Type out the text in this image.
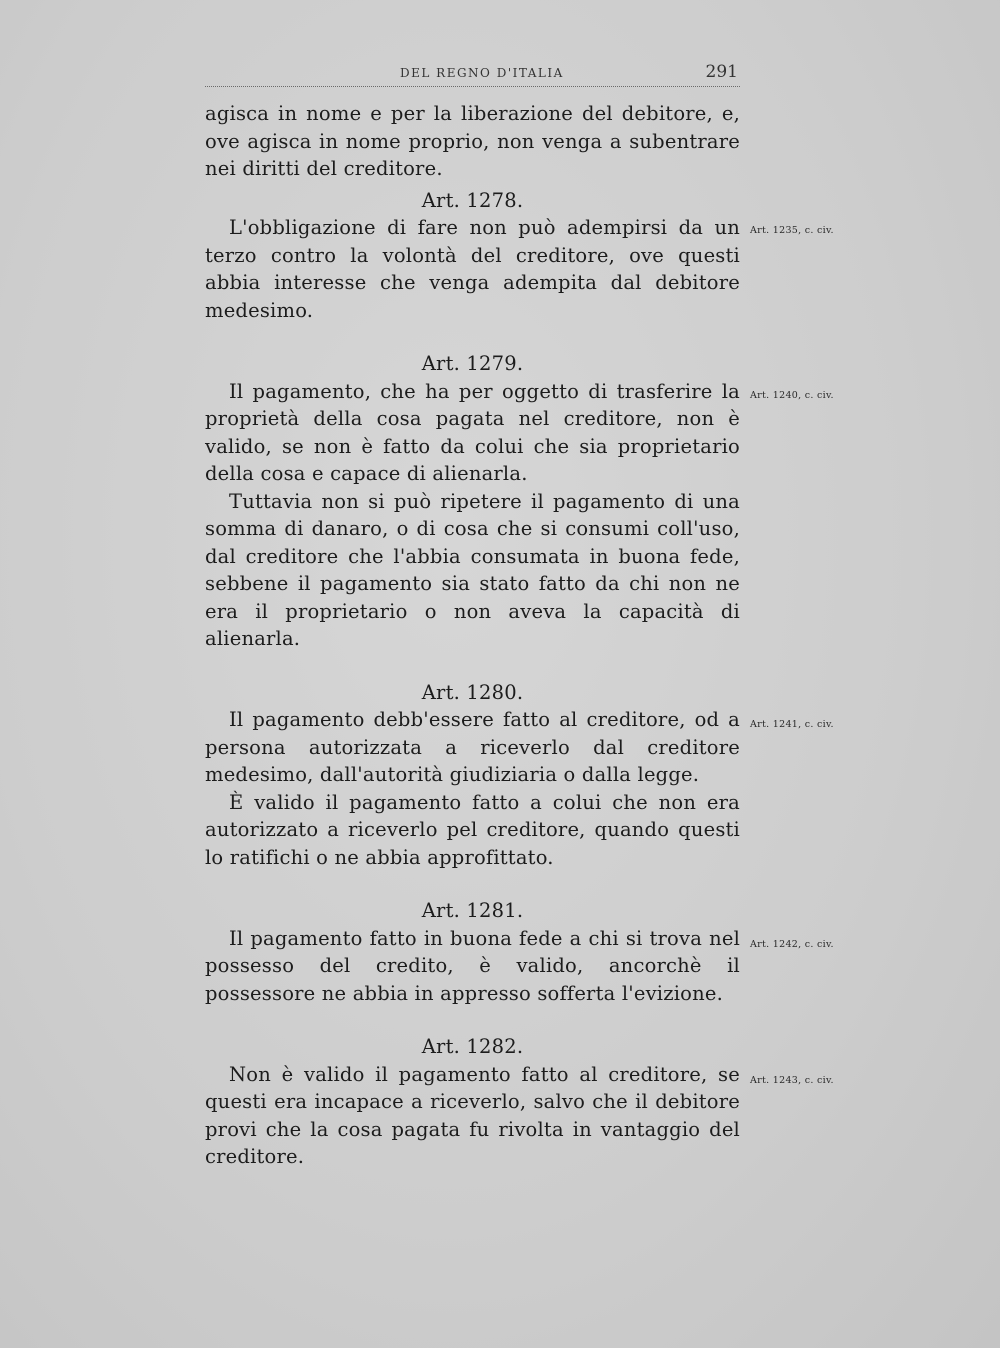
DEL REGNO D'ITALIA	291

agisca in nome e per la liberazione del debitore, e, ove agisca in nome proprio, non venga a subentrare nei diritti del creditore.

Art. 1278.

Art. 1235, c. civ.

L'obbligazione di fare non può adempirsi da un terzo contro la volontà del creditore, ove questi abbia interesse che venga adempita dal debitore medesimo.

Art. 1279.

Art. 1240, c. civ.

Il pagamento, che ha per oggetto di trasferire la proprietà della cosa pagata nel creditore, non è valido, se non è fatto da colui che sia proprietario della cosa e capace di alienarla.

Tuttavia non si può ripetere il pagamento di una somma di danaro, o di cosa che si consumi coll'uso, dal creditore che l'abbia consumata in buona fede, sebbene il pagamento sia stato fatto da chi non ne era il proprietario o non aveva la capacità di alienarla.

Art. 1280.

Art. 1241, c. civ.

Il pagamento debb'essere fatto al creditore, od a persona autorizzata a riceverlo dal creditore medesimo, dall'autorità giudiziaria o dalla legge.

È valido il pagamento fatto a colui che non era autorizzato a riceverlo pel creditore, quando questi lo ratifichi o ne abbia approfittato.

Art. 1281.

Art. 1242, c. civ.

Il pagamento fatto in buona fede a chi si trova nel possesso del credito, è valido, ancorchè il possessore ne abbia in appresso sofferta l'evizione.

Art. 1282.

Art. 1243, c. civ.

Non è valido il pagamento fatto al creditore, se questi era incapace a riceverlo, salvo che il debitore provi che la cosa pagata fu rivolta in vantaggio del creditore.
